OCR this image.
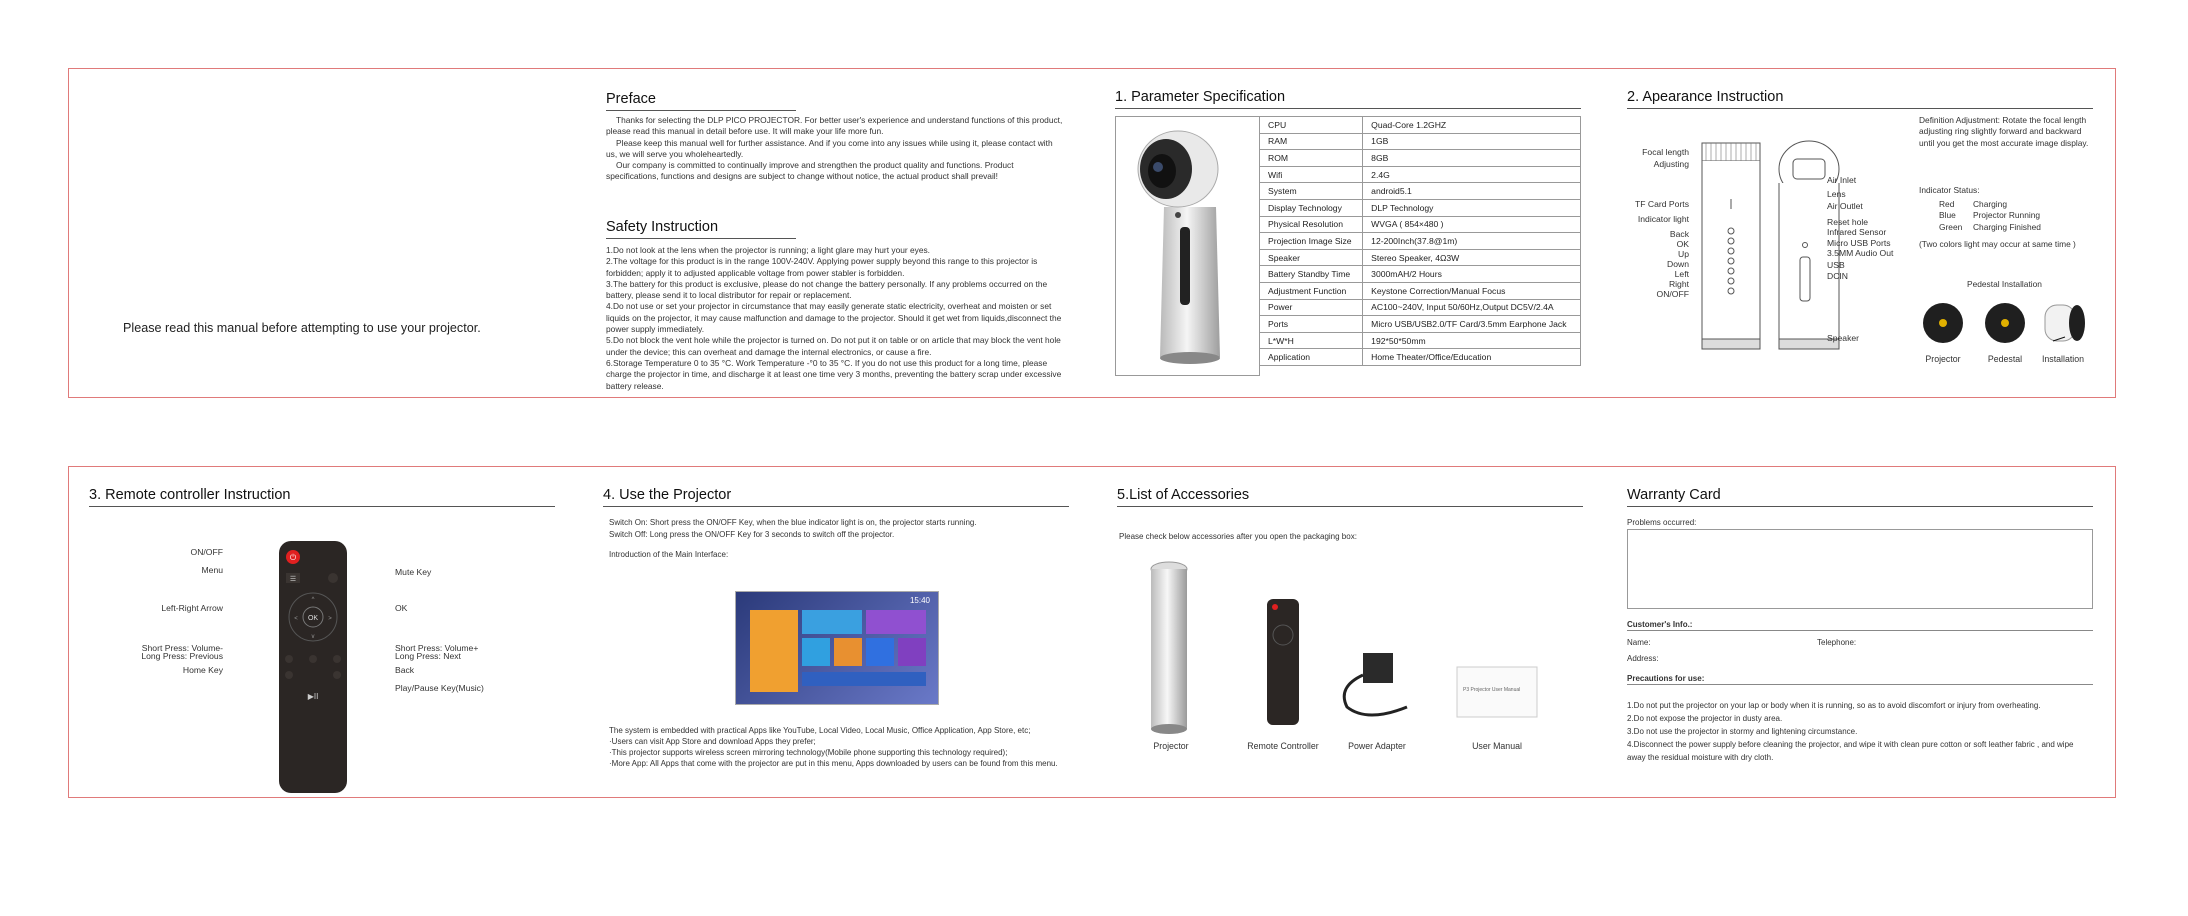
Please read this manual before attempting to use your projector.
Preface
Thanks for selecting the DLP PICO PROJECTOR. For better user's experience and understand functions of this product, please read this manual in detail before use. It will make your life more fun.
Please keep this manual well for further assistance. And if you come into any issues while using it, please contact with us, we will serve you wholeheartedly.
Our company is committed to continually improve and strengthen the product quality and functions. Product specifications, functions and designs are subject to change without notice, the actual product shall prevail!
Safety Instruction
1.Do not look at the lens when the projector is running; a light glare may hurt your eyes.
2.The voltage for this product is in the range 100V-240V. Applying power supply beyond this range to this projector is forbidden; apply it to adjusted applicable voltage from power stabler is forbidden.
3.The battery for this product is exclusive, please do not change the battery personally. If any problems occurred on the battery, please send it to local distributor for repair or replacement.
4.Do not use or set your projector in circumstance that may easily generate static electricity, overheat and moisten or set liquids on the projector, it may cause malfunction and damage to the projector. Should it get wet from liquids,disconnect the power supply immediately.
5.Do not block the vent hole while the projector is turned on. Do not put it on table or on article that may block the vent hole under the device; this can overheat and damage the internal electronics, or cause a fire.
6.Storage Temperature 0 to 35 °C. Work Temperature -°0 to 35 °C. If you do not use this product for a long time, please charge the projector in time, and discharge it at least one time very 3 months, preventing the battery scrap under excessive battery release.
1. Parameter Specification
CPU	Quad-Core 1.2GHZ
RAM	1GB
ROM	8GB
Wifi	2.4G
System	android5.1
Display Technology	DLP Technology
Physical Resolution	WVGA ( 854×480 )
Projection Image Size	12-200Inch(37.8@1m)
Speaker	Stereo Speaker, 4Ω3W
Battery Standby Time	3000mAH/2 Hours
Adjustment Function	Keystone Correction/Manual Focus
Power	AC100~240V, Input 50/60Hz,Output DC5V/2.4A
Ports	Micro USB/USB2.0/TF Card/3.5mm Earphone Jack
L*W*H	192*50*50mm
Application	Home Theater/Office/Education
2. Apearance Instruction
Focal length
Adjusting
TF Card Ports
Indicator light
Back
OK
Up
Down
Left
Right
ON/OFF
Air Inlet
Lens
Air Outlet
Reset hole
Infrared Sensor
Micro USB Ports
3.5MM Audio Out
USB
DCIN
Speaker
Definition Adjustment: Rotate the focal length adjusting ring slightly forward and backward until you get the most accurate image display.
Indicator Status:
Red Charging
Blue Projector Running
Green Charging Finished
(Two colors light may occur at same time )
Pedestal Installation
Projector	Pedestal	Installation
3. Remote controller Instruction
⏻
☰
OK
^
v
<	>
▶II
ON/OFF
Menu
Left-Right Arrow
Short Press: Volume-
Long Press: Previous
Home Key
Mute Key
OK
Short Press: Volume+
Long Press: Next
Back
Play/Pause Key(Music)
4. Use the Projector
Switch On: Short press the ON/OFF Key, when the blue indicator light is on, the projector starts running.
Switch Off: Long press the ON/OFF Key for 3 seconds to switch off the projector.
Introduction of the Main Interface:
15:40
The system is embedded with practical Apps like YouTube, Local Video, Local Music, Office Application, App Store, etc;
·Users can visit App Store and download Apps they prefer;
·This projector supports wireless screen mirroring technology(Mobile phone supporting this technology required);
·More App: All Apps that come with the projector are put in this menu, Apps downloaded by users can be found from this menu.
5.List of Accessories
Please check below accessories after you open the packaging box:
P3 Projector User Manual
Projector	Remote Controller	Power Adapter	User Manual
Warranty Card
Problems occurred:
Customer's Info.:
Name:	Telephone:
Address:
Precautions for use:
1.Do not put the projector on your lap or body when it is running, so as to avoid discomfort or injury from overheating.
2.Do not expose the projector in dusty area.
3.Do not use the projector in stormy and lightening circumstance.
4.Disconnect the power supply before cleaning the projector, and wipe it with clean pure cotton or soft leather fabric , and wipe away the residual moisture with dry cloth.
